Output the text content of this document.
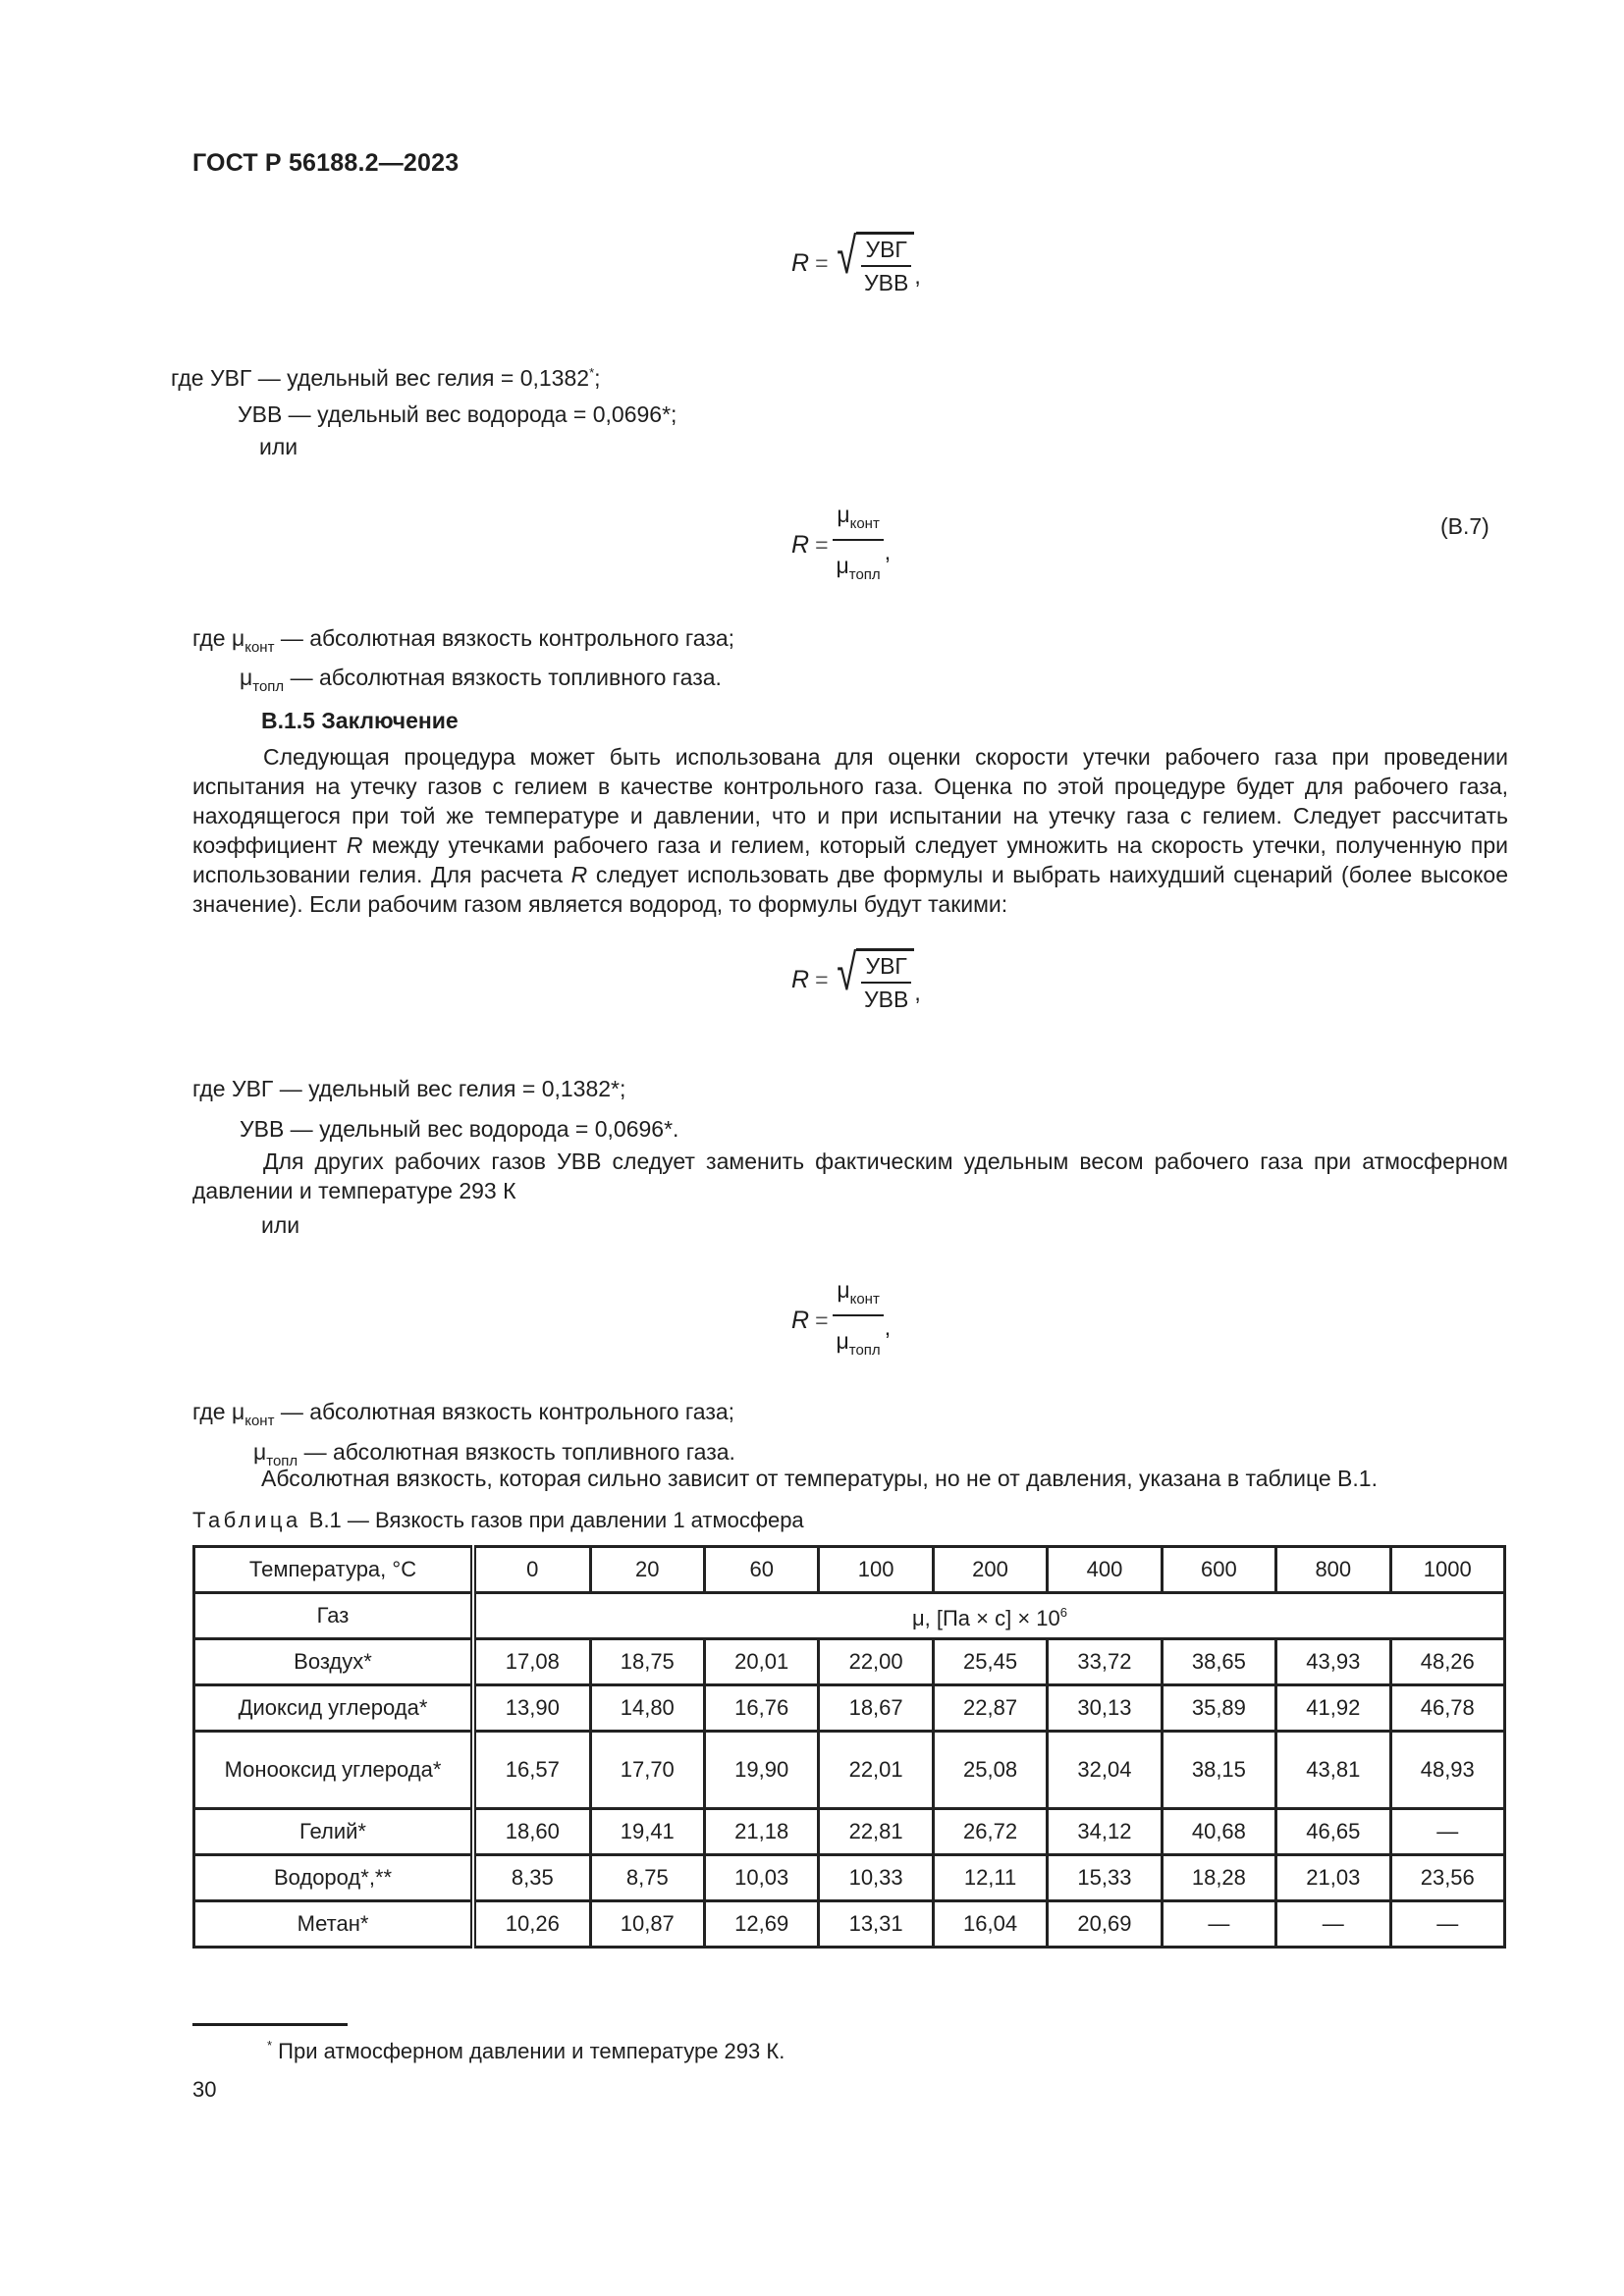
ГОСТ Р 56188.2—2023
R = √ $\frac{\text{УВГ}}{\text{УВВ}}$ ,
где УВГ — удельный вес гелия = 0,1382*;
УВВ — удельный вес водорода = 0,0696*;
или
$R = \frac{\mu_{конт}}{\mu_{топл}}$ ,
(В.7)
где $\mu_{конт}$ — абсолютная вязкость контрольного газа;
$\mu_{топл}$ — абсолютная вязкость топливного газа.
В.1.5 Заключение
Следующая процедура может быть использована для оценки скорости утечки рабочего газа при проведении испытания на утечку газов с гелием в качестве контрольного газа. Оценка по этой процедуре будет для рабочего газа, находящегося при той же температуре и давлении, что и при испытании на утечку газа с гелием. Следует рассчитать коэффициент R между утечками рабочего газа и гелием, который следует умножить на скорость утечки, полученную при использовании гелия. Для расчета R следует использовать две формулы и выбрать наихудший сценарий (более высокое значение). Если рабочим газом является водород, то формулы будут такими:
R = √ $\frac{\text{УВГ}}{\text{УВВ}}$ ,
где УВГ — удельный вес гелия = 0,1382*;
УВВ — удельный вес водорода = 0,0696*.
Для других рабочих газов УВВ следует заменить фактическим удельным весом рабочего газа при атмосферном давлении и температуре 293 К
или
$R = \frac{\mu_{конт}}{\mu_{топл}}$ ,
где $\mu_{конт}$ — абсолютная вязкость контрольного газа;
$\mu_{топл}$ — абсолютная вязкость топливного газа.
Абсолютная вязкость, которая сильно зависит от температуры, но не от давления, указана в таблице В.1.
Таблица В.1 — Вязкость газов при давлении 1 атмосфера
Температура, °С	0	20	60	100	200	400	600	800	1000
Газ	μ, $[Па \times с] \times 10^6$
Воздух*	17,08	18,75	20,01	22,00	25,45	33,72	38,65	43,93	48,26
Диоксид углерода*	13,90	14,80	16,76	18,67	22,87	30,13	35,89	41,92	46,78
Монооксид углерода*	16,57	17,70	19,90	22,01	25,08	32,04	38,15	43,81	48,93
Гелий*	18,60	19,41	21,18	22,81	26,72	34,12	40,68	46,65	—
Водород*,**	8,35	8,75	10,03	10,33	12,11	15,33	18,28	21,03	23,56
Метан*	10,26	10,87	12,69	13,31	16,04	20,69	—	—	—
* При атмосферном давлении и температуре 293 К.
30
